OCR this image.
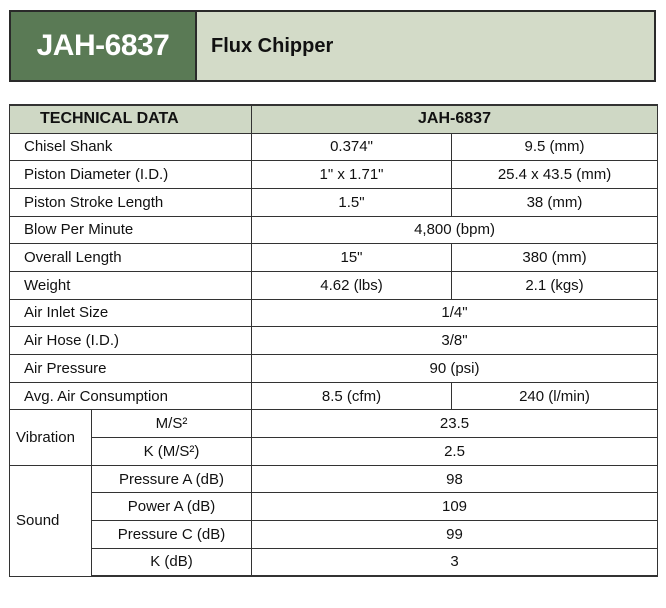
JAH-6837	Flux Chipper
TECHNICAL DATA		JAH-6837	
Chisel Shank		0.374"	9.5 (mm)
Piston Diameter (I.D.)		1" x 1.71"	25.4 x 43.5 (mm)
Piston Stroke Length		1.5"	38 (mm)
Blow Per Minute		4,800 (bpm)	
Overall Length		15"	380 (mm)
Weight		4.62 (lbs)	2.1 (kgs)
Air Inlet Size		1/4"	
Air Hose (I.D.)		3/8"	
Air Pressure		90 (psi)	
Avg. Air Consumption		8.5 (cfm)	240 (l/min)
Vibration	M/S²	23.5	
	K (M/S²)	2.5	
Sound	Pressure A (dB)	98	
	Power A (dB)	109	
	Pressure C (dB)	99	
	K (dB)	3	
